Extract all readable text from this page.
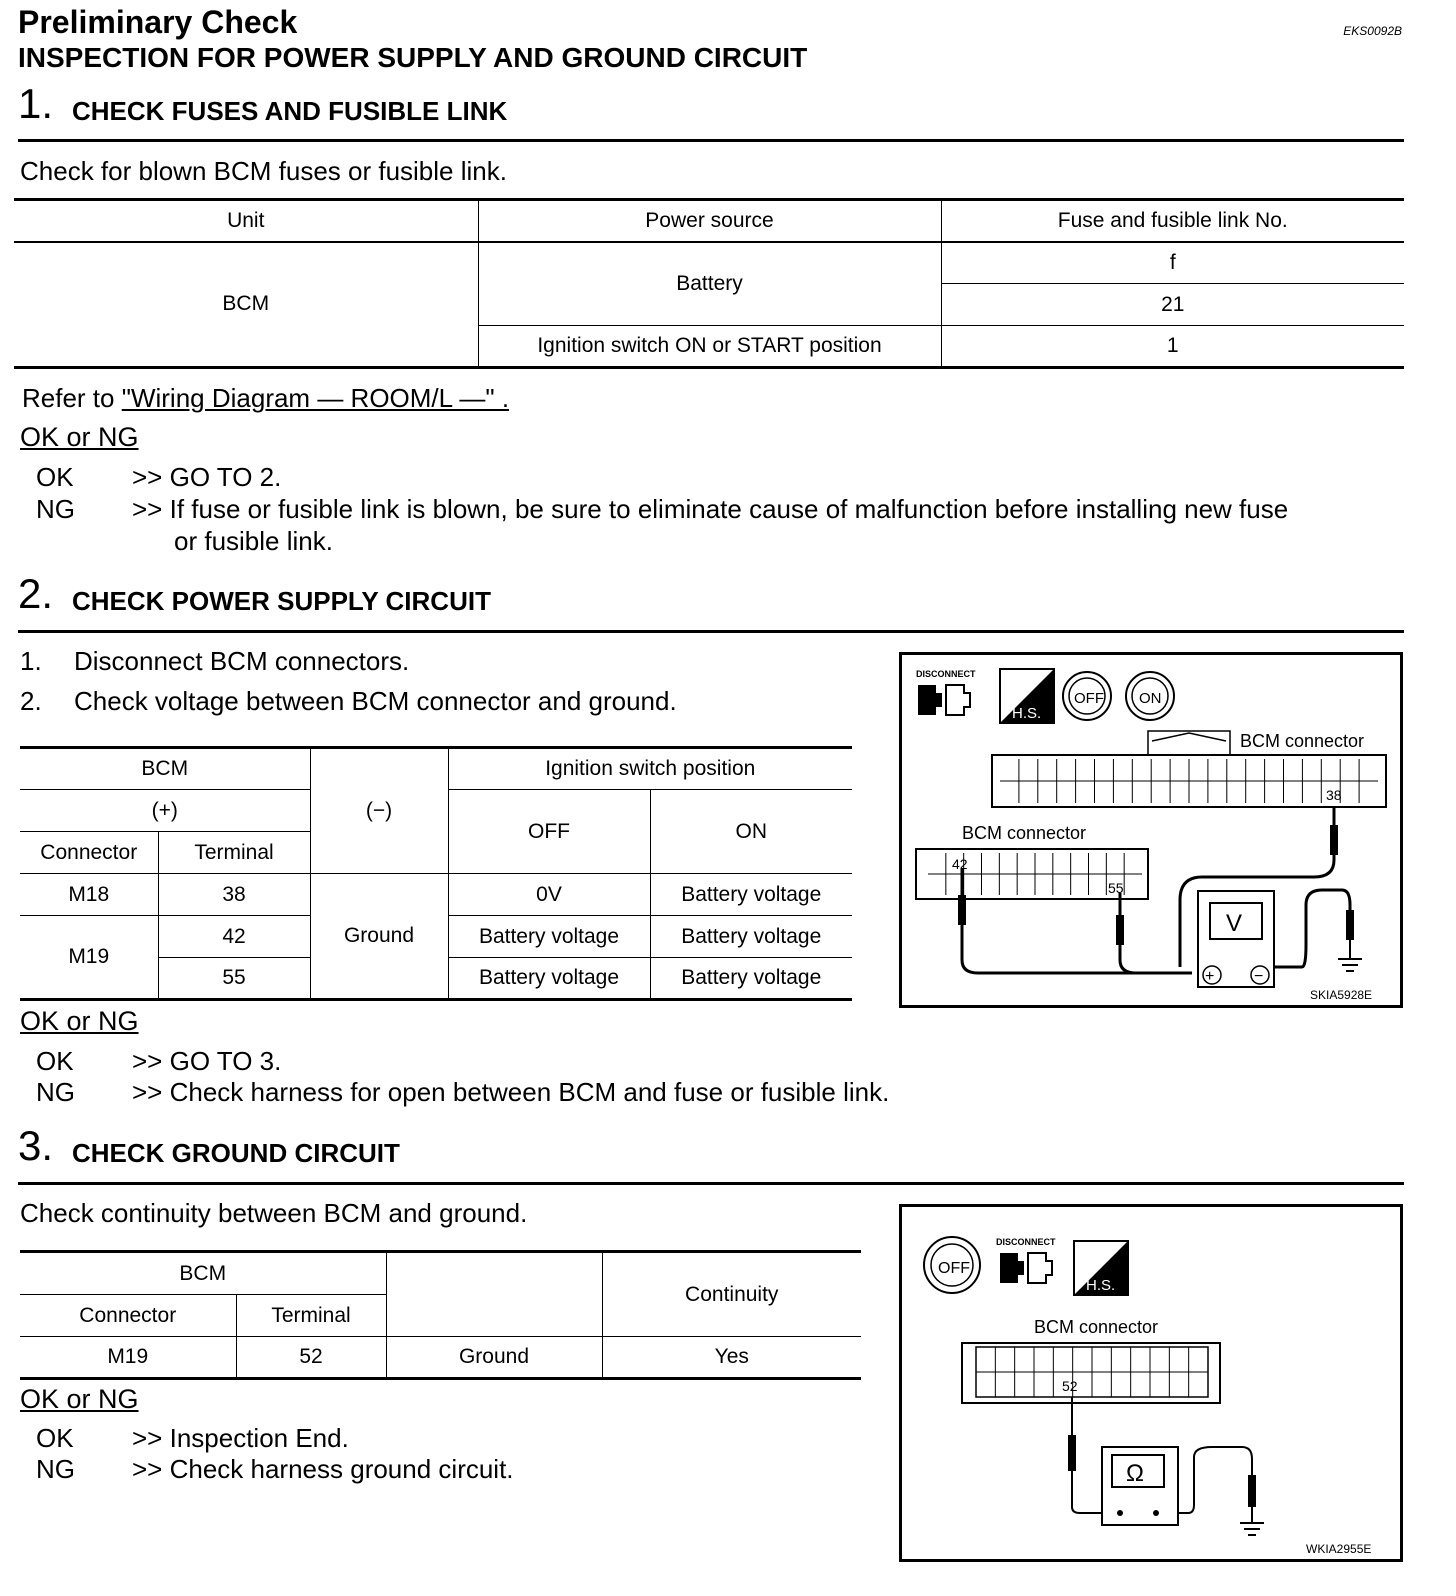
Preliminary Check
INSPECTION FOR POWER SUPPLY AND GROUND CIRCUIT
EKS0092B
1. CHECK FUSES AND FUSIBLE LINK
Check for blown BCM fuses or fusible link.
Unit	Power source	Fuse and fusible link No.
BCM	Battery	f
		21
	Ignition switch ON or START position	1
Refer to "Wiring Diagram — ROOM/L —" .
OK or NG
OK >> GO TO 2.
NG >> If fuse or fusible link is blown, be sure to eliminate cause of malfunction before installing new fuse
or fusible link.
2. CHECK POWER SUPPLY CIRCUIT
1. Disconnect BCM connectors.
2. Check voltage between BCM connector and ground.
BCM		(−)	Ignition switch position	
(+)			OFF	ON
Connector	Terminal			
M18	38	Ground	0V	Battery voltage
M19	42		Battery voltage	Battery voltage
	55		Battery voltage	Battery voltage
DISCONNECT
H.S.
OFF ON
BCM connector
38
BCM connector
42
55
V
+ −
SKIA5928E
OK or NG
OK >> GO TO 3.
NG >> Check harness for open between BCM and fuse or fusible link.
3. CHECK GROUND CIRCUIT
Check continuity between BCM and ground.
BCM			Continuity
Connector	Terminal		
M19	52	Ground	Yes
OFF
DISCONNECT
H.S.
BCM connector
52
Ω
WKIA2955E
OK or NG
OK >> Inspection End.
NG >> Check harness ground circuit.
